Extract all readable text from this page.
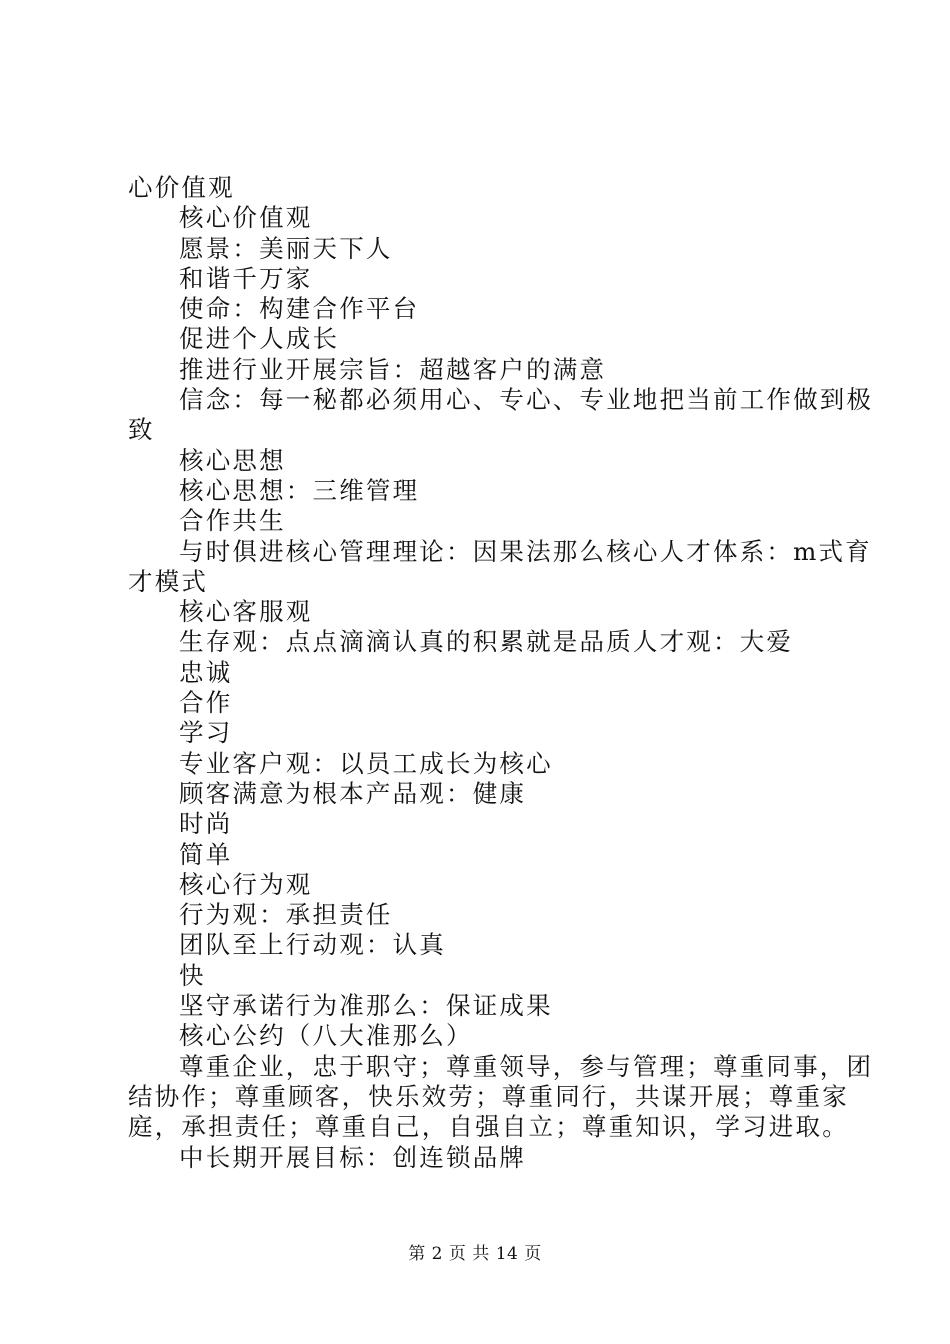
心价值观
核心价值观
愿景：美丽天下人
和谐千万家
使命：构建合作平台
促进个人成长
推进行业开展宗旨：超越客户的满意
信念：每一秘都必须用心、专心、专业地把当前工作做到极
致
核心思想
核心思想：三维管理
合作共生
与时俱进核心管理理论：因果法那么核心人才体系：m式育
才模式
核心客服观
生存观：点点滴滴认真的积累就是品质人才观：大爱
忠诚
合作
学习
专业客户观：以员工成长为核心
顾客满意为根本产品观：健康
时尚
简单
核心行为观
行为观：承担责任
团队至上行动观：认真
快
坚守承诺行为准那么：保证成果
核心公约（八大准那么）
尊重企业，忠于职守；尊重领导，参与管理；尊重同事，团
结协作；尊重顾客，快乐效劳；尊重同行，共谋开展；尊重家
庭，承担责任；尊重自己，自强自立；尊重知识，学习进取。
中长期开展目标：创连锁品牌
第 2 页 共 14 页
